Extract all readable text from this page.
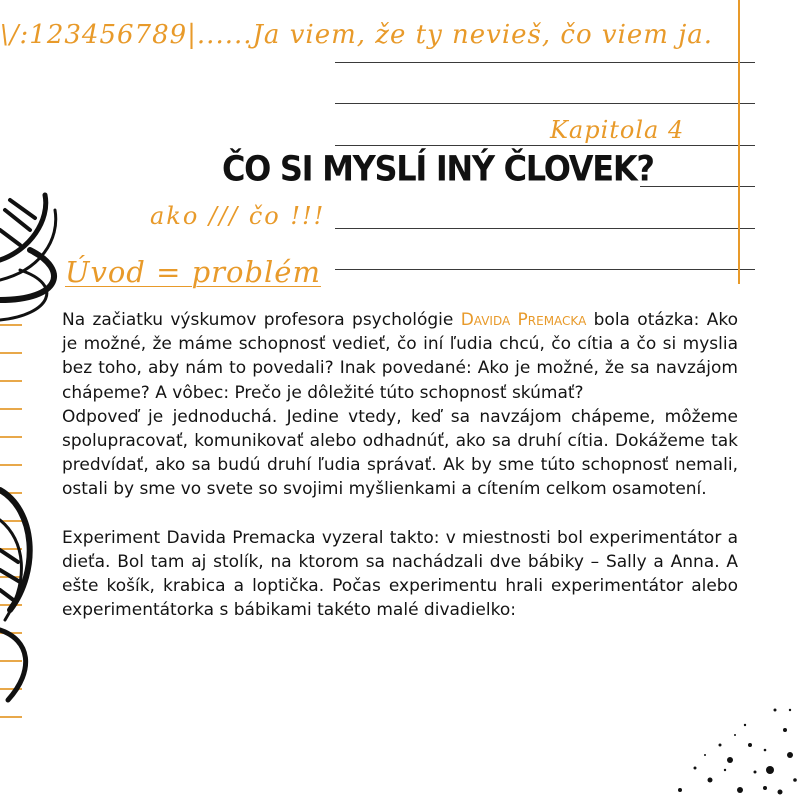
\/:123456789|......Ja viem, že ty nevieš, čo viem ja.
Kapitola 4
ČO SI MYSLÍ INÝ ČLOVEK?
ako /// čo !!!
Úvod = problém

Na začiatku výskumov profesora psychológie Davida Premacka bola otázka: Ako je možné, že máme schopnosť vedieť, čo iní ľudia chcú, čo cítia a čo si myslia bez toho, aby nám to povedali? Inak povedané: Ako je možné, že sa navzájom chápeme? A vôbec: Prečo je dôležité túto schopnosť skúmať?

Odpoveď je jednoduchá. Jedine vtedy, keď sa navzájom chápeme, môžeme spolupracovať, komunikovať alebo odhadnúť, ako sa druhí cítia. Dokážeme tak predvídať, ako sa budú druhí ľudia správať. Ak by sme túto schopnosť nemali, ostali by sme vo svete so svojimi myšlienkami a cítením celkom osamotení.

Experiment Davida Premacka vyzeral takto: v miestnosti bol experimentátor a dieťa. Bol tam aj stolík, na ktorom sa nachádzali dve bábiky – Sally a Anna. A ešte košík, krabica a loptička. Počas experimentu hrali experimentátor alebo experimentátorka s bábikami takéto malé divadielko:
